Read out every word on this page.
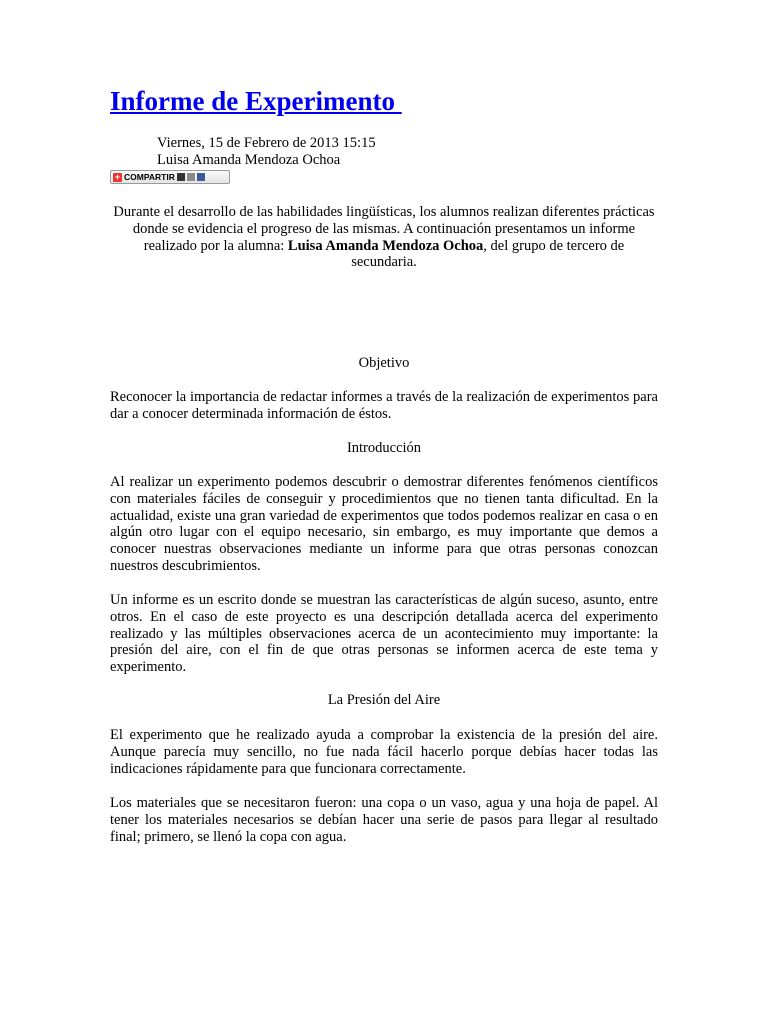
Informe de Experimento
Viernes, 15 de Febrero de 2013 15:15
Luisa Amanda Mendoza Ochoa
+ COMPARTIR

Durante el desarrollo de las habilidades lingüísticas, los alumnos realizan diferentes prácticas donde se evidencia el progreso de las mismas. A continuación presentamos un informe realizado por la alumna: Luisa Amanda Mendoza Ochoa, del grupo de tercero de secundaria.

Objetivo

Reconocer la importancia de redactar informes a través de la realización de experimentos para dar a conocer determinada información de éstos.

Introducción

Al realizar un experimento podemos descubrir o demostrar diferentes fenómenos científicos con materiales fáciles de conseguir y procedimientos que no tienen tanta dificultad. En la actualidad, existe una gran variedad de experimentos que todos podemos realizar en casa o en algún otro lugar con el equipo necesario, sin embargo, es muy importante que demos a conocer nuestras observaciones mediante un informe para que otras personas conozcan nuestros descubrimientos.

Un informe es un escrito donde se muestran las características de algún suceso, asunto, entre otros. En el caso de este proyecto es una descripción detallada acerca del experimento realizado y las múltiples observaciones acerca de un acontecimiento muy importante: la presión del aire, con el fin de que otras personas se informen acerca de este tema y experimento.

La Presión del Aire

El experimento que he realizado ayuda a comprobar la existencia de la presión del aire. Aunque parecía muy sencillo, no fue nada fácil hacerlo porque debías hacer todas las indicaciones rápidamente para que funcionara correctamente.

Los materiales que se necesitaron fueron: una copa o un vaso, agua y una hoja de papel. Al tener los materiales necesarios se debían hacer una serie de pasos para llegar al resultado final; primero, se llenó la copa con agua.
